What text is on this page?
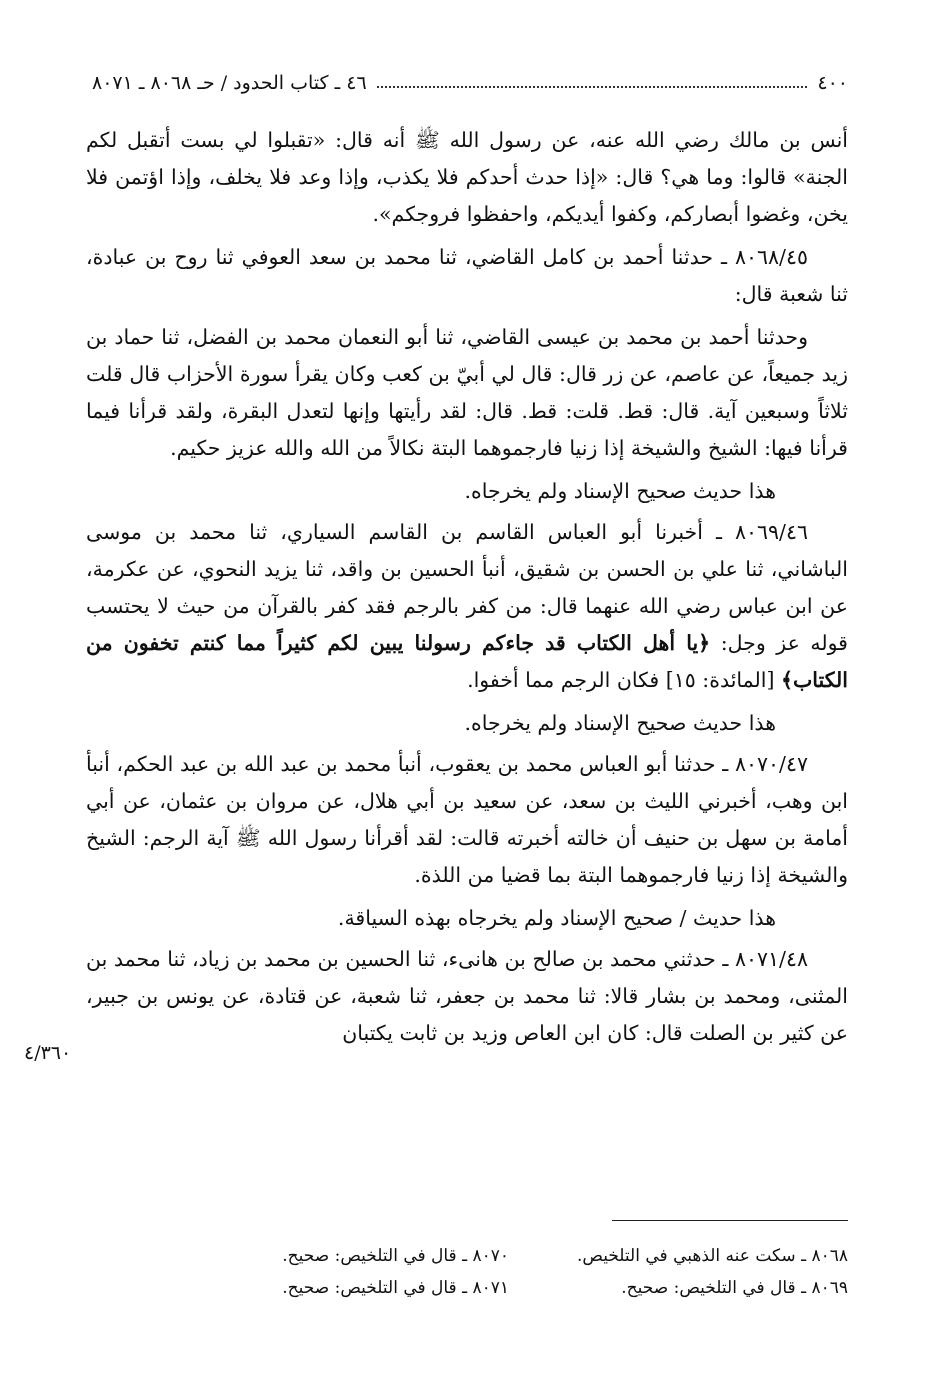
٤٠٠
٤٦ ـ كتاب الحدود / حـ ٨٠٦٨ ـ ٨٠٧١

أنس بن مالك رضي الله عنه، عن رسول الله ﷺ أنه قال: «تقبلوا لي بست أتقبل لكم الجنة» قالوا: وما هي؟ قال: «إذا حدث أحدكم فلا يكذب، وإذا وعد فلا يخلف، وإذا اؤتمن فلا يخن، وغضوا أبصاركم، وكفوا أيديكم، واحفظوا فروجكم».

٨٠٦٨/٤٥ ـ حدثنا أحمد بن كامل القاضي، ثنا محمد بن سعد العوفي ثنا روح بن عبادة، ثنا شعبة قال:

وحدثنا أحمد بن محمد بن عيسى القاضي، ثنا أبو النعمان محمد بن الفضل، ثنا حماد بن زيد جميعاً، عن عاصم، عن زر قال: قال لي أبيّ بن كعب وكان يقرأ سورة الأحزاب قال قلت ثلاثاً وسبعين آية. قال: قط. قلت: قط. قال: لقد رأيتها وإنها لتعدل البقرة، ولقد قرأنا فيما قرأنا فيها: الشيخ والشيخة إذا زنيا فارجموهما البتة نكالاً من الله والله عزيز حكيم.

هذا حديث صحيح الإسناد ولم يخرجاه.

٨٠٦٩/٤٦ ـ أخبرنا أبو العباس القاسم بن القاسم السياري، ثنا محمد بن موسى الباشاني، ثنا علي بن الحسن بن شقيق، أنبأ الحسين بن واقد، ثنا يزيد النحوي، عن عكرمة، عن ابن عباس رضي الله عنهما قال: من كفر بالرجم فقد كفر بالقرآن من حيث لا يحتسب قوله عز وجل: ﴿يا أهل الكتاب قد جاءكم رسولنا يبين لكم كثيراً مما كنتم تخفون من الكتاب﴾ [المائدة: ١٥] فكان الرجم مما أخفوا.

هذا حديث صحيح الإسناد ولم يخرجاه.

٨٠٧٠/٤٧ ـ حدثنا أبو العباس محمد بن يعقوب، أنبأ محمد بن عبد الله بن عبد الحكم، أنبأ ابن وهب، أخبرني الليث بن سعد، عن سعيد بن أبي هلال، عن مروان بن عثمان، عن أبي أمامة بن سهل بن حنيف أن خالته أخبرته قالت: لقد أقرأنا رسول الله ﷺ آية الرجم: الشيخ والشيخة إذا زنيا فارجموهما البتة بما قضيا من اللذة.

هذا حديث / صحيح الإسناد ولم يخرجاه بهذه السياقة.

٨٠٧١/٤٨ ـ حدثني محمد بن صالح بن هانىء، ثنا الحسين بن محمد بن زياد، ثنا محمد بن المثنى، ومحمد بن بشار قالا: ثنا محمد بن جعفر، ثنا شعبة، عن قتادة، عن يونس بن جبير، عن كثير بن الصلت قال: كان ابن العاص وزيد بن ثابت يكتبان

٤/٣٦٠
٨٠٦٨ ـ سكت عنه الذهبي في التلخيص.
٨٠٧٠ ـ قال في التلخيص: صحيح.
٨٠٦٩ ـ قال في التلخيص: صحيح.
٨٠٧١ ـ قال في التلخيص: صحيح.
